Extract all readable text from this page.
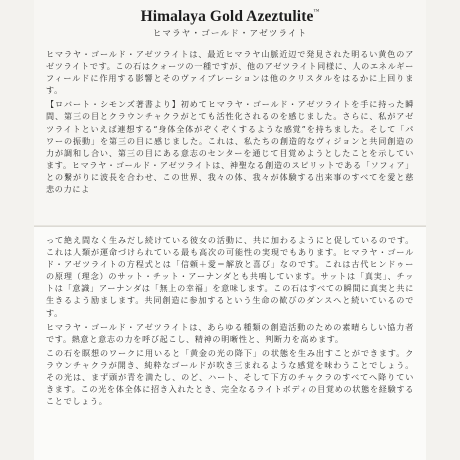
Himalaya Gold Azeztulite™
ヒマラヤ・ゴールド・アゼツライト

ヒマラヤ・ゴールド・アゼツライトは、最近ヒマラヤ山脈近辺で発見された明るい黄色のアゼツライトです。この石はクォーツの一種ですが、他のアゼツライト同様に、人のエネルギーフィールドに作用する影響とそのヴァイブレーションは他のクリスタルをはるかに上回ります。

【ロバート・シモンズ著書より】初めてヒマラヤ・ゴールド・アゼツライトを手に持った瞬間、第三の目とクラウンチャクラがとても活性化されるのを感じました。さらに、私がアゼツライトといえば連想する“身体全体がぞくぞくするような感覚”を持ちました。そして「パワーの振動」を第三の目に感じました。これは、私たちの創造的なヴィジョンと共同創造の力が調和し合い、第三の目にある意志のセンターを通じて目覚めようとしたことを示しています。ヒマラヤ・ゴールド・アゼツライトは、神聖なる創造のスピリットである「ソフィア」との繋がりに波長を合わせ、この世界、我々の体、我々が体験する出来事のすべてを愛と慈悲の力によ

って絶え間なく生みだし続けている彼女の活動に、共に加わるようにと促しているのです。これは人類が運命づけられている最も高次の可能性の実現でもあります。ヒマラヤ・ゴールド・アゼツライトの方程式とは「信頼＋愛＝解放と喜び」なのです。これは古代ヒンドゥーの原理（理念）のサット・チット・アーナンダとも共鳴しています。サットは「真実」、チットは「意識」アーナンダは「無上の幸福」を意味します。この石はすべての瞬間に真実と共に生きるよう励まします。共同創造に参加するという生命の歓びのダンスへと続いているのです。

ヒマラヤ・ゴールド・アゼツライトは、あらゆる種類の創造活動のための素晴らしい協力者です。熱意と意志の力を呼び起こし、精神の明晰性と、判断力を高めます。

この石を瞑想のワークに用いると「黄金の光の降下」の状態を生み出すことができます。クラウンチャクラが開き、純粋なゴールドが吹き三まれるような感覚を味わうことでしょう。その光は、まず頭が青を満たし、のど、ハート、そして下方のチャクラのすべてへ降りていきます。この光を体全体に招き入れたとき、完全なるライトボディの目覚めの状態を経験することでしょう。
